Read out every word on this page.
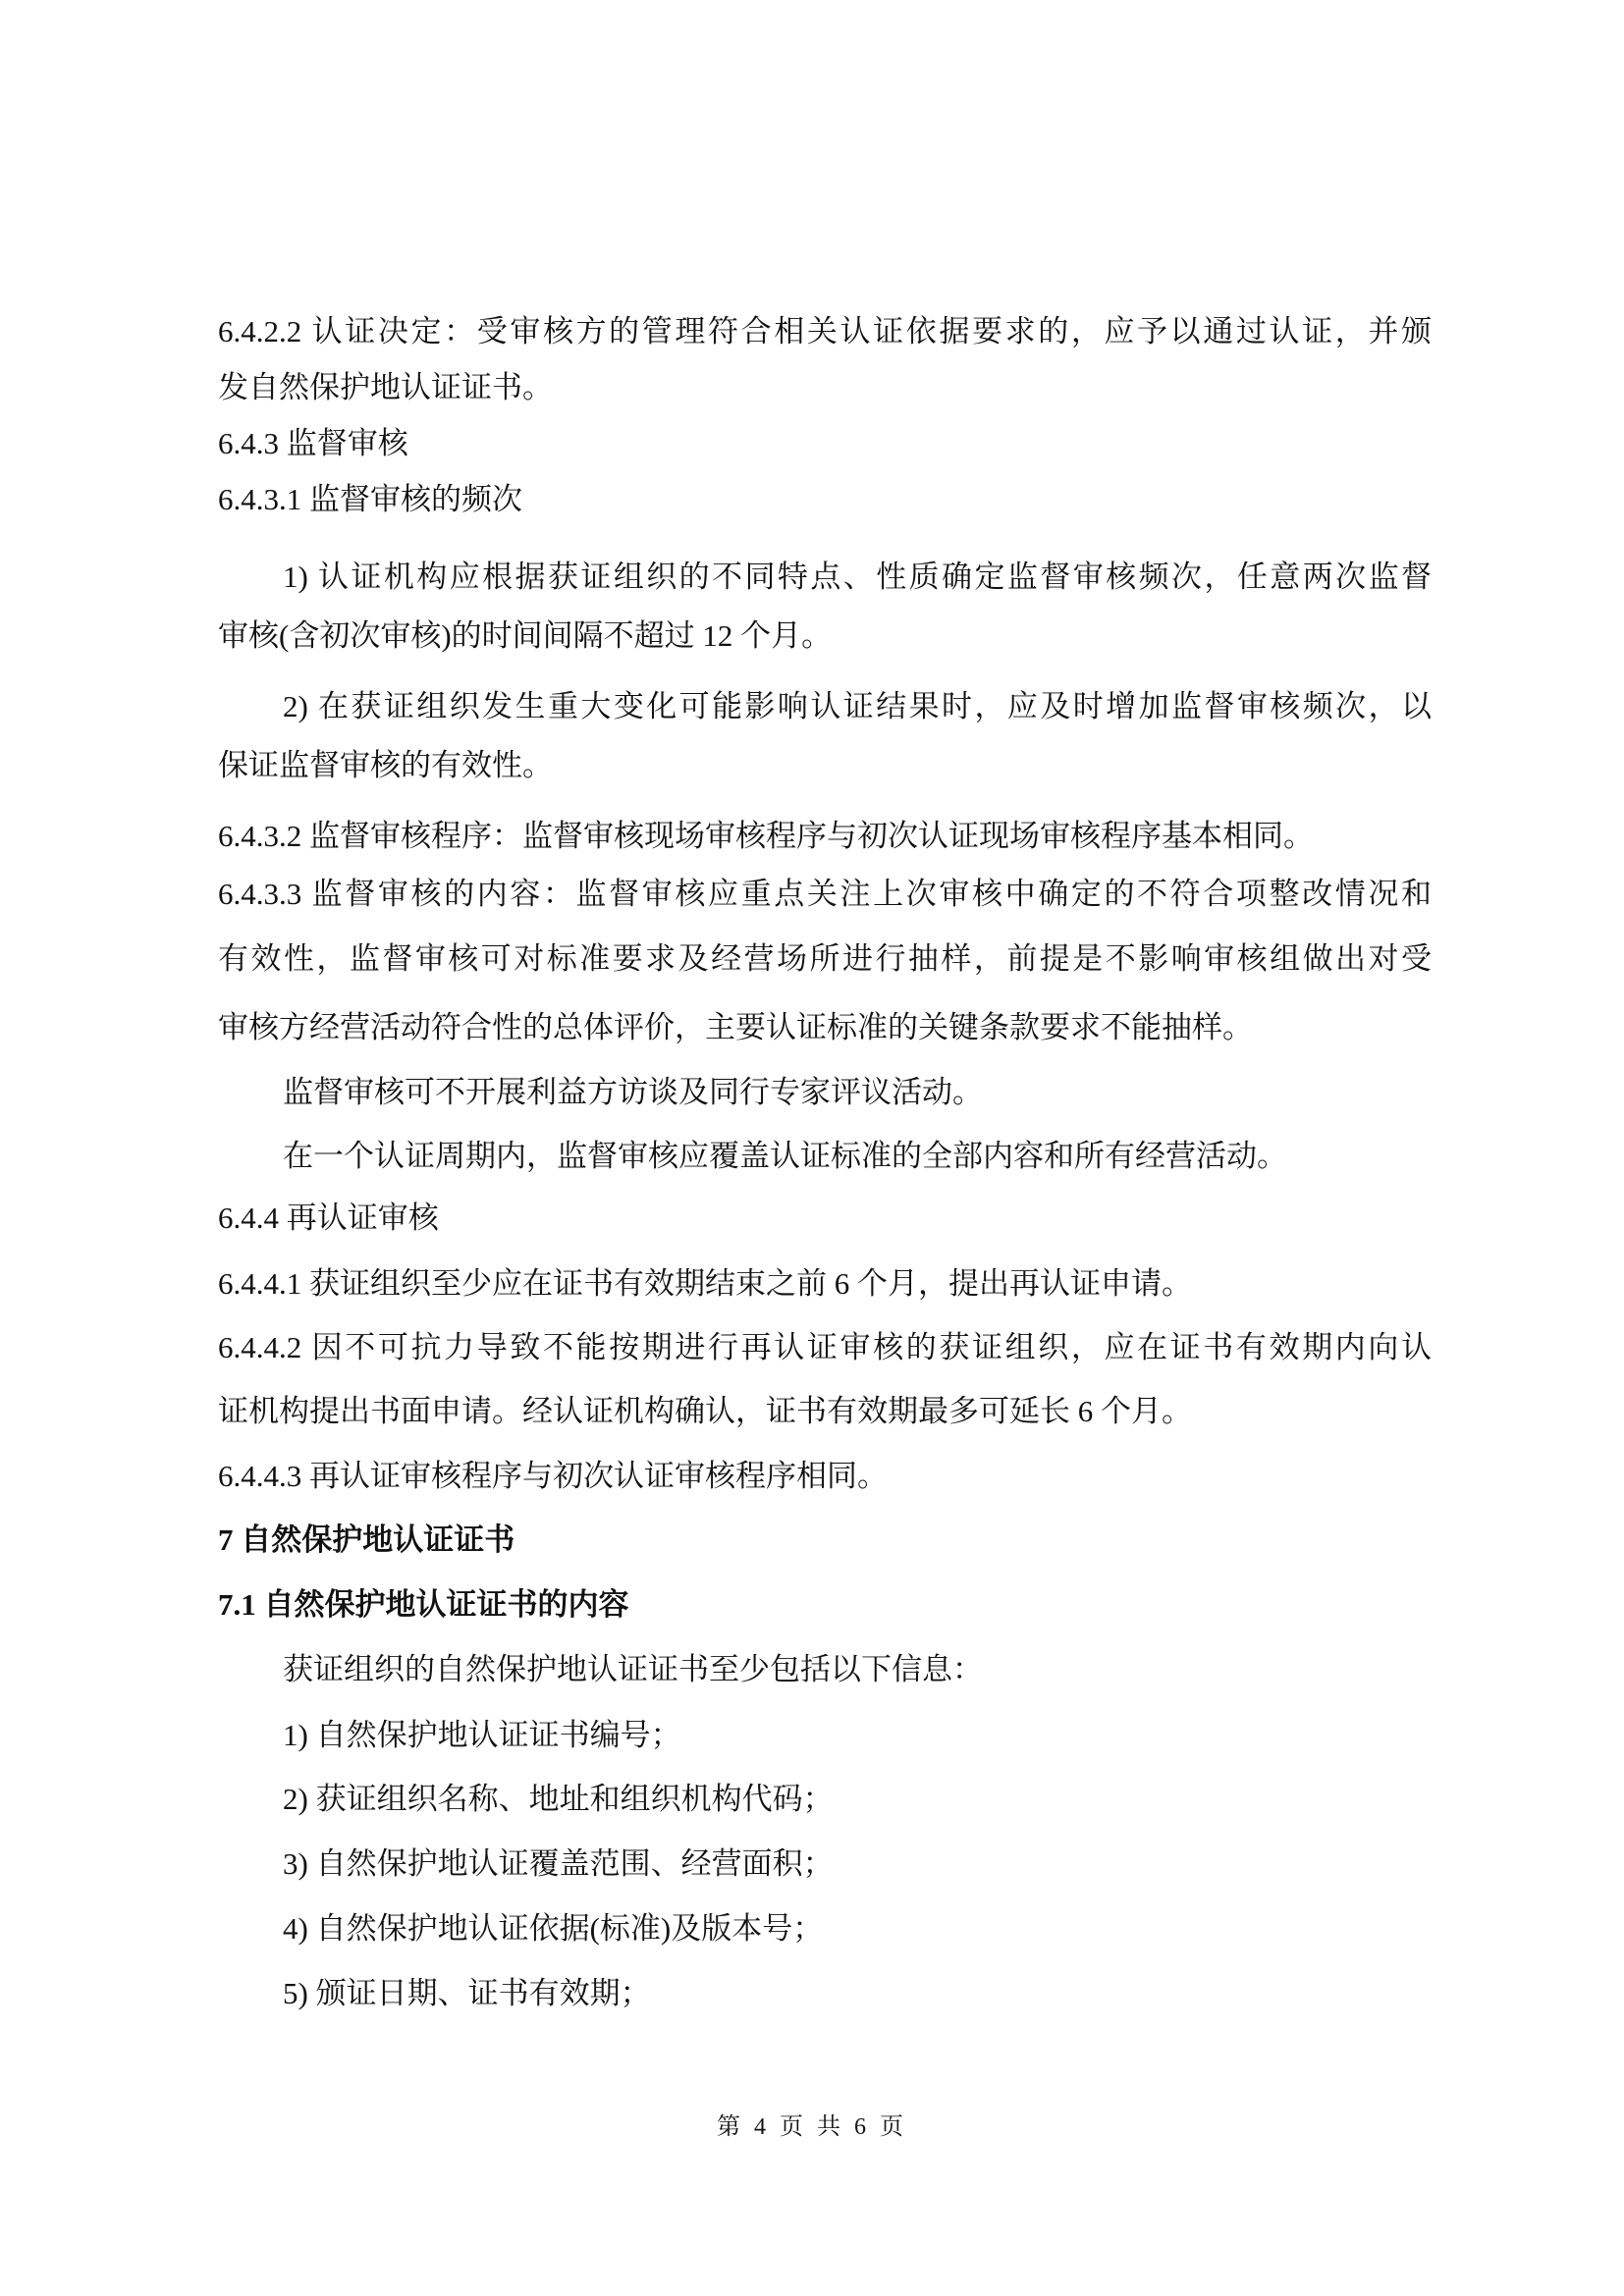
6.4.2.2 认证决定：受审核方的管理符合相关认证依据要求的，应予以通过认证，并颁
发自然保护地认证证书。
6.4.3 监督审核
6.4.3.1 监督审核的频次
1) 认证机构应根据获证组织的不同特点、性质确定监督审核频次，任意两次监督
审核(含初次审核)的时间间隔不超过 12 个月。
2) 在获证组织发生重大变化可能影响认证结果时，应及时增加监督审核频次，以
保证监督审核的有效性。
6.4.3.2 监督审核程序：监督审核现场审核程序与初次认证现场审核程序基本相同。
6.4.3.3 监督审核的内容：监督审核应重点关注上次审核中确定的不符合项整改情况和
有效性，监督审核可对标准要求及经营场所进行抽样，前提是不影响审核组做出对受
审核方经营活动符合性的总体评价，主要认证标准的关键条款要求不能抽样。
监督审核可不开展利益方访谈及同行专家评议活动。
在一个认证周期内，监督审核应覆盖认证标准的全部内容和所有经营活动。
6.4.4 再认证审核
6.4.4.1 获证组织至少应在证书有效期结束之前 6 个月，提出再认证申请。
6.4.4.2 因不可抗力导致不能按期进行再认证审核的获证组织，应在证书有效期内向认
证机构提出书面申请。经认证机构确认，证书有效期最多可延长 6 个月。
6.4.4.3 再认证审核程序与初次认证审核程序相同。
7 自然保护地认证证书
7.1 自然保护地认证证书的内容
获证组织的自然保护地认证证书至少包括以下信息：
1) 自然保护地认证证书编号；
2) 获证组织名称、地址和组织机构代码；
3) 自然保护地认证覆盖范围、经营面积；
4) 自然保护地认证依据(标准)及版本号；
5) 颁证日期、证书有效期；
第 4 页 共 6 页
